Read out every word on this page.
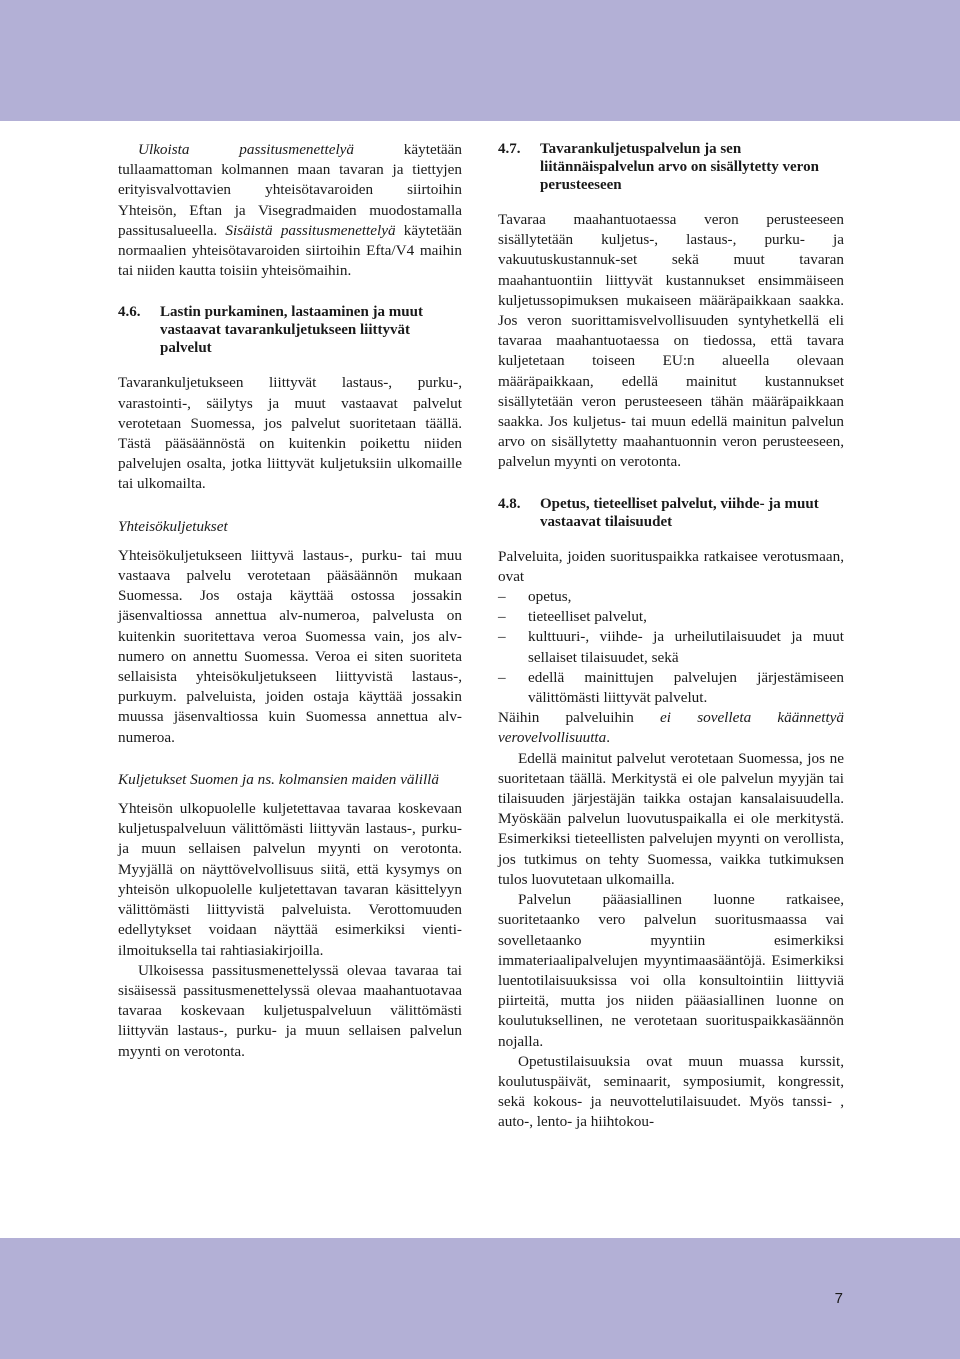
Ulkoista passitusmenettelyä käytetään tullaamattoman kolmannen maan tavaran ja tiettyjen erityisvalvottavien yhteisötavaroiden siirtoihin Yhteisön, Eftan ja Visegradmaiden muodostamalla passitusalueella. Sisäistä passitusmenettelyä käytetään normaalien yhteisötavaroiden siirtoihin Efta/V4 maihin tai niiden kautta toisiin yhteisömaihin.

4.6.	Lastin purkaminen, lastaaminen ja muut vastaavat tavarankuljetukseen liittyvät palvelut

Tavarankuljetukseen liittyvät lastaus-, purku-, varastointi-, säilytys ja muut vastaavat palvelut verotetaan Suomessa, jos palvelut suoritetaan täällä. Tästä pääsäännöstä on kuitenkin poikettu niiden palvelujen osalta, jotka liittyvät kuljetuksiin ulkomaille tai ulkomailta.

Yhteisökuljetukset

Yhteisökuljetukseen liittyvä lastaus-, purku- tai muu vastaava palvelu verotetaan pääsäännön mukaan Suomessa. Jos ostaja käyttää ostossa jossakin jäsenvaltiossa annettua alv-numeroa, palvelusta on kuitenkin suoritettava veroa Suomessa vain, jos alv-numero on annettu Suomessa. Veroa ei siten suoriteta sellaisista yhteisökuljetukseen liittyvistä lastaus-, purkuym. palveluista, joiden ostaja käyttää jossakin muussa jäsenvaltiossa kuin Suomessa annettua alv-numeroa.

Kuljetukset Suomen ja ns. kolmansien maiden välillä

Yhteisön ulkopuolelle kuljetettavaa tavaraa koskevaan kuljetuspalveluun välittömästi liittyvän lastaus-, purku- ja muun sellaisen palvelun myynti on verotonta. Myyjällä on näyttövelvollisuus siitä, että kysymys on yhteisön ulkopuolelle kuljetettavan tavaran käsittelyyn välittömästi liittyvistä palveluista. Verottomuuden edellytykset voidaan näyttää esimerkiksi vienti-ilmoituksella tai rahtiasiakirjoilla.

Ulkoisessa passitusmenettelyssä olevaa tavaraa tai sisäisessä passitusmenettelyssä olevaa maahantuotavaa tavaraa koskevaan kuljetuspalveluun välittömästi liittyvän lastaus-, purku- ja muun sellaisen palvelun myynti on verotonta.

4.7.	Tavarankuljetuspalvelun ja sen liitännäispalvelun arvo on sisällytetty veron perusteeseen

Tavaraa maahantuotaessa veron perusteeseen sisällytetään kuljetus-, lastaus-, purku- ja vakuutuskustannuk-set sekä muut tavaran maahantuontiin liittyvät kustannukset ensimmäiseen kuljetussopimuksen mukaiseen määräpaikkaan saakka. Jos veron suorittamisvelvollisuuden syntyhetkellä eli tavaraa maahantuotaessa on tiedossa, että tavara kuljetetaan toiseen EU:n alueella olevaan määräpaikkaan, edellä mainitut kustannukset sisällytetään veron perusteeseen tähän määräpaikkaan saakka. Jos kuljetus- tai muun edellä mainitun palvelun arvo on sisällytetty maahantuonnin veron perusteeseen, palvelun myynti on verotonta.

4.8.	Opetus, tieteelliset palvelut, viihde- ja muut vastaavat tilaisuudet

Palveluita, joiden suorituspaikka ratkaisee verotusmaan, ovat

– opetus,
– tieteelliset palvelut,
– kulttuuri-, viihde- ja urheilutilaisuudet ja muut sellaiset tilaisuudet, sekä
– edellä mainittujen palvelujen järjestämiseen välittömästi liittyvät palvelut.

Näihin palveluihin ei sovelleta käännettyä verovelvollisuutta.

Edellä mainitut palvelut verotetaan Suomessa, jos ne suoritetaan täällä. Merkitystä ei ole palvelun myyjän tai tilaisuuden järjestäjän taikka ostajan kansalaisuudella. Myöskään palvelun luovutuspaikalla ei ole merkitystä. Esimerkiksi tieteellisten palvelujen myynti on verollista, jos tutkimus on tehty Suomessa, vaikka tutkimuksen tulos luovutetaan ulkomailla.

Palvelun pääasiallinen luonne ratkaisee, suoritetaanko vero palvelun suoritusmaassa vai sovelletaanko myyntiin esimerkiksi immateriaalipalvelujen myyntimaasääntöjä. Esimerkiksi luentotilaisuuksissa voi olla konsultointiin liittyviä piirteitä, mutta jos niiden pääasiallinen luonne on koulutuksellinen, ne verotetaan suorituspaikkasäännön nojalla.

Opetustilaisuuksia ovat muun muassa kurssit, koulutuspäivät, seminaarit, symposiumit, kongressit, sekä kokous- ja neuvottelutilaisuudet. Myös tanssi- , auto-, lento- ja hiihtokou-

7
